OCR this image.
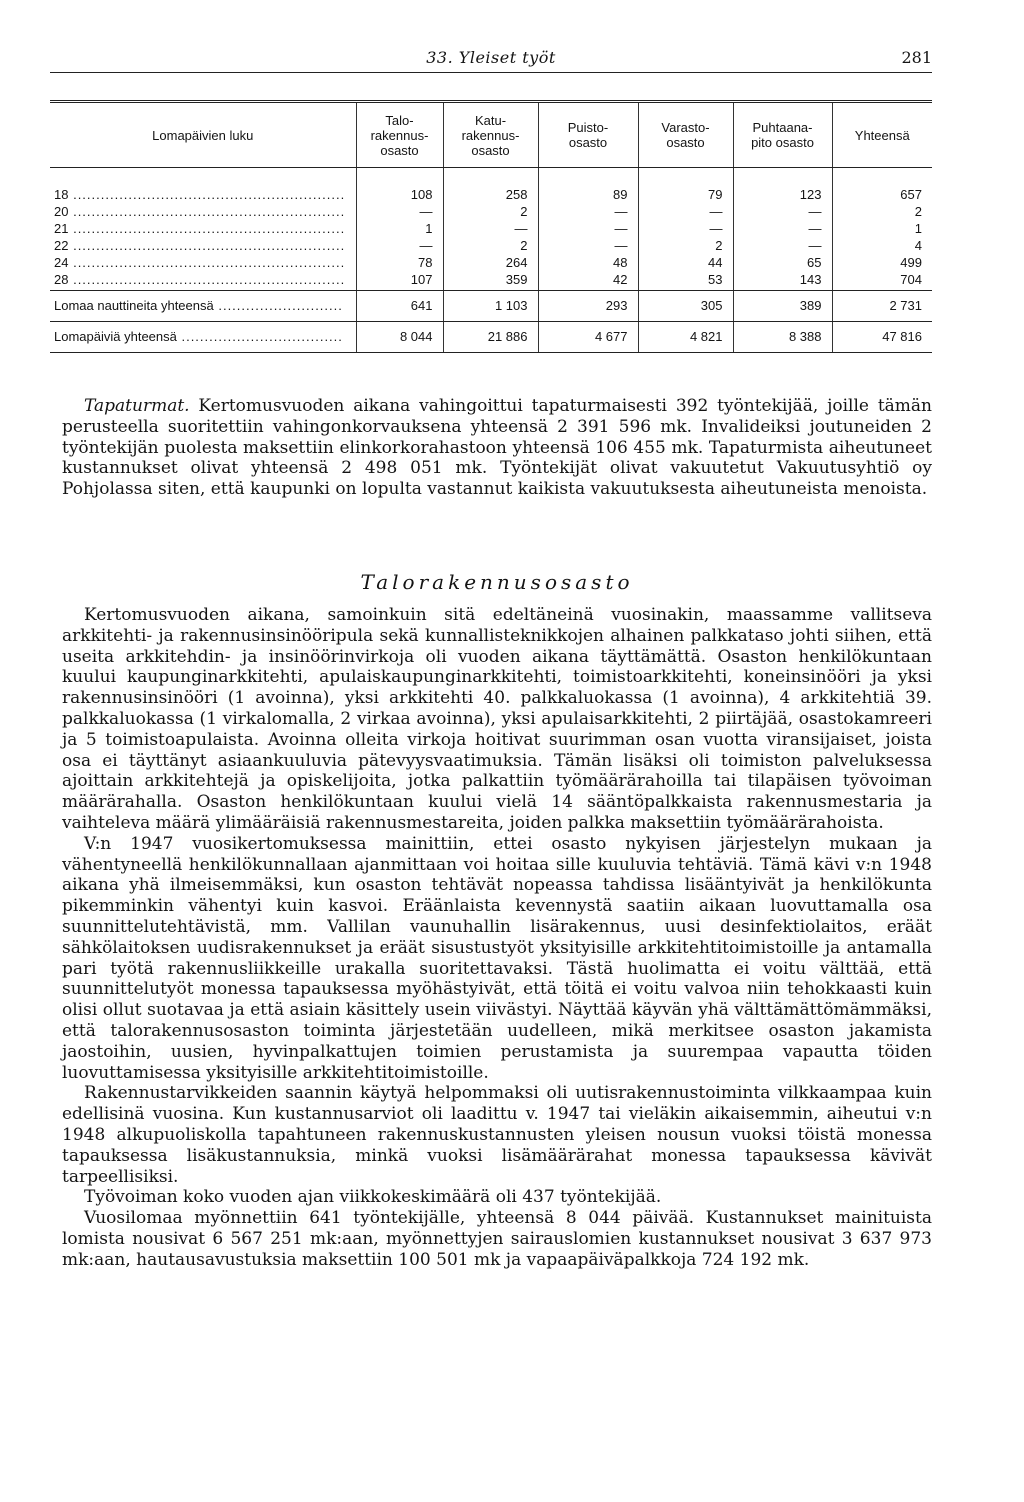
33. Yleiset työt	281
Lomapäivien luku	Talo-
rakennus-
osasto	Katu-
rakennus-
osasto	Puisto-
osasto	Varasto-
osasto	Puhtaana-
pito osasto	Yhteensä

18 .....	108	258	89	79	123	657

20 .....	—	2	—	—	—	2

21 .....	1	—	—	—	—	1

22 .....	—	2	—	2	—	4

24 .....	78	264	48	44	65	499

28 .....	107	359	42	53	143	704

Lomaa nauttineita yhteensä .....	641	1 103	293	305	389	2 731

Lomapäiviä yhteensä .....	8 044	21 886	4 677	4 821	8 388	47 816

Tapaturmat. Kertomusvuoden aikana vahingoittui tapaturmaisesti 392 työntekijää, joille tämän perusteella suoritettiin vahingonkorvauksena yhteensä 2 391 596 mk. Invalideiksi joutuneiden 2 työntekijän puolesta maksettiin elinkorkorahastoon yhteensä 106 455 mk. Tapaturmista aiheutuneet kustannukset olivat yhteensä 2 498 051 mk. Työntekijät olivat vakuutetut Vakuutusyhtiö oy Pohjolassa siten, että kaupunki on lopulta vastannut kaikista vakuutuksesta aiheutuneista menoista.

Talorakennusosasto

Kertomusvuoden aikana, samoinkuin sitä edeltäneinä vuosinakin, maassamme vallitseva arkkitehti- ja rakennusinsinööripula sekä kunnallisteknikkojen alhainen palkkataso johti siihen, että useita arkkitehdin- ja insinöörinvirkoja oli vuoden aikana täyttämättä. Osaston henkilökuntaan kuului kaupunginarkkitehti, apulaiskaupunginarkkitehti, toimistoarkkitehti, koneinsinööri ja yksi rakennusinsinööri (1 avoinna), yksi arkkitehti 40. palkkaluokassa (1 avoinna), 4 arkkitehtiä 39. palkkaluokassa (1 virkalomalla, 2 virkaa avoinna), yksi apulaisarkkitehti, 2 piirtäjää, osastokamreeri ja 5 toimistoapulaista. Avoinna olleita virkoja hoitivat suurimman osan vuotta viransijaiset, joista osa ei täyttänyt asiaankuuluvia pätevyysvaatimuksia. Tämän lisäksi oli toimiston palveluksessa ajoittain arkkitehtejä ja opiskelijoita, jotka palkattiin työmäärärahoilla tai tilapäisen työvoiman määrärahalla. Osaston henkilökuntaan kuului vielä 14 sääntöpalkkaista rakennusmestaria ja vaihteleva määrä ylimääräisiä rakennusmestareita, joiden palkka maksettiin työmäärärahoista.

V:n 1947 vuosikertomuksessa mainittiin, ettei osasto nykyisen järjestelyn mukaan ja vähentyneellä henkilökunnallaan ajanmittaan voi hoitaa sille kuuluvia tehtäviä. Tämä kävi v:n 1948 aikana yhä ilmeisemmäksi, kun osaston tehtävät nopeassa tahdissa lisääntyivät ja henkilökunta pikemminkin vähentyi kuin kasvoi. Eräänlaista kevennystä saatiin aikaan luovuttamalla osa suunnittelutehtävistä, mm. Vallilan vaunuhallin lisärakennus, uusi desinfektiolaitos, eräät sähkölaitoksen uudisrakennukset ja eräät sisustustyöt yksityisille arkkitehtitoimistoille ja antamalla pari työtä rakennusliikkeille urakalla suoritettavaksi. Tästä huolimatta ei voitu välttää, että suunnittelutyöt monessa tapauksessa myöhästyivät, että töitä ei voitu valvoa niin tehokkaasti kuin olisi ollut suotavaa ja että asiain käsittely usein viivästyi. Näyttää käyvän yhä välttämättömämmäksi, että talorakennusosaston toiminta järjestetään uudelleen, mikä merkitsee osaston jakamista jaostoihin, uusien, hyvinpalkattujen toimien perustamista ja suurempaa vapautta töiden luovuttamisessa yksityisille arkkitehtitoimistoille.

Rakennustarvikkeiden saannin käytyä helpommaksi oli uutisrakennustoiminta vilkkaampaa kuin edellisinä vuosina. Kun kustannusarviot oli laadittu v. 1947 tai vieläkin aikaisemmin, aiheutui v:n 1948 alkupuoliskolla tapahtuneen rakennuskustannusten yleisen nousun vuoksi töistä monessa tapauksessa lisäkustannuksia, minkä vuoksi lisämäärärahat monessa tapauksessa kävivät tarpeellisiksi.

Työvoiman koko vuoden ajan viikkokeskimäärä oli 437 työntekijää.

Vuosilomaa myönnettiin 641 työntekijälle, yhteensä 8 044 päivää. Kustannukset mainituista lomista nousivat 6 567 251 mk:aan, myönnettyjen sairauslomien kustannukset nousivat 3 637 973 mk:aan, hautausavustuksia maksettiin 100 501 mk ja vapaapäiväpalkkoja 724 192 mk.
